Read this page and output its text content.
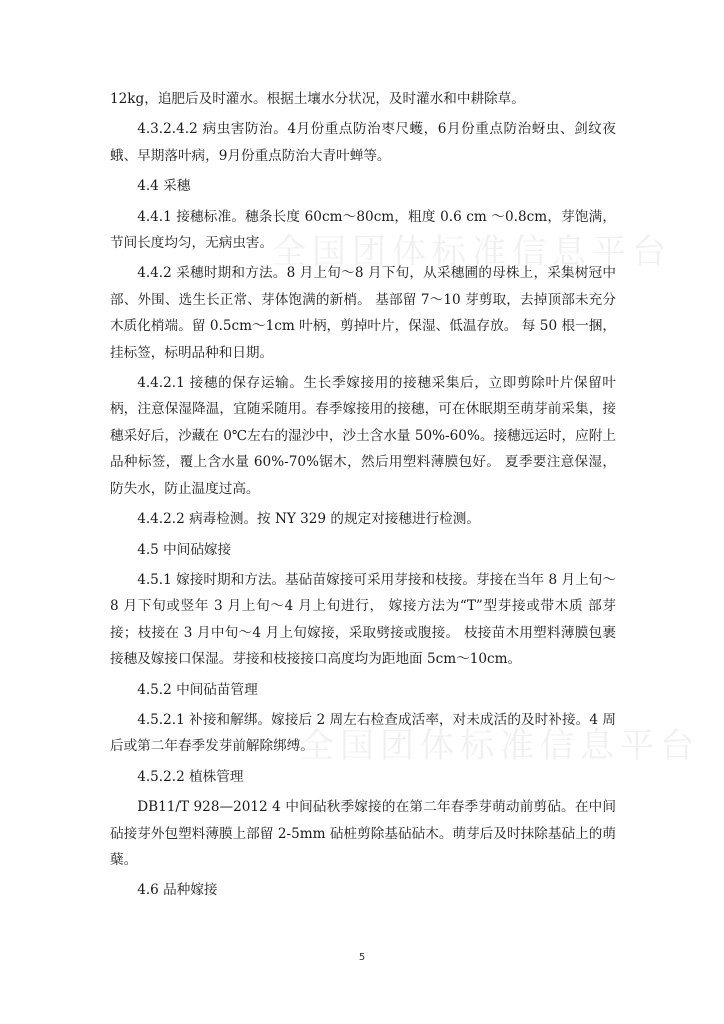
全国团体标准信息平台
全国团体标准信息平台

12kg，追肥后及时灌水。根据土壤水分状况，及时灌水和中耕除草。

4.3.2.4.2 病虫害防治。4月份重点防治枣尺蠖，6月份重点防治蚜虫、剑纹夜蛾、早期落叶病，9月份重点防治大青叶蝉等。

4.4 采穗

4.4.1 接穗标准。穗条长度 60cm～80cm，粗度 0.6 cm ～0.8cm，芽饱满，节间长度均匀，无病虫害。

4.4.2 采穗时期和方法。8 月上旬～8 月下旬，从采穗圃的母株上，采集树冠中部、外围、选生长正常、芽体饱满的新梢。 基部留 7～10 芽剪取，去掉顶部未充分木质化梢端。留 0.5cm～1cm 叶柄，剪掉叶片，保湿、低温存放。 每 50 根一捆，挂标签，标明品种和日期。

4.4.2.1 接穗的保存运输。生长季嫁接用的接穗采集后，立即剪除叶片保留叶柄，注意保湿降温，宜随采随用。春季嫁接用的接穗，可在休眠期至萌芽前采集，接穗采好后，沙藏在 0℃左右的湿沙中，沙土含水量 50%-60%。接穗远运时，应附上品种标签，覆上含水量 60%-70%锯木，然后用塑料薄膜包好。 夏季要注意保湿，防失水，防止温度过高。

4.4.2.2 病毒检测。按 NY 329 的规定对接穗进行检测。

4.5 中间砧嫁接

4.5.1 嫁接时期和方法。基砧苗嫁接可采用芽接和枝接。芽接在当年 8 月上旬～8 月下旬或竖年 3 月上旬～4 月上旬进行， 嫁接方法为“T”型芽接或带木质 部芽接；枝接在 3 月中旬～4 月上旬嫁接，采取劈接或腹接。 枝接苗木用塑料薄膜包裹接穗及嫁接口保湿。芽接和枝接接口高度均为距地面 5cm～10cm。

4.5.2 中间砧苗管理

4.5.2.1 补接和解绑。嫁接后 2 周左右检查成活率，对未成活的及时补接。4 周后或第二年春季发芽前解除绑缚。

4.5.2.2 植株管理

DB11/T 928—2012 4 中间砧秋季嫁接的在第二年春季芽萌动前剪砧。在中间砧接芽外包塑料薄膜上部留 2-5mm 砧桩剪除基砧砧木。萌芽后及时抹除基砧上的萌蘖。

4.6 品种嫁接

5
